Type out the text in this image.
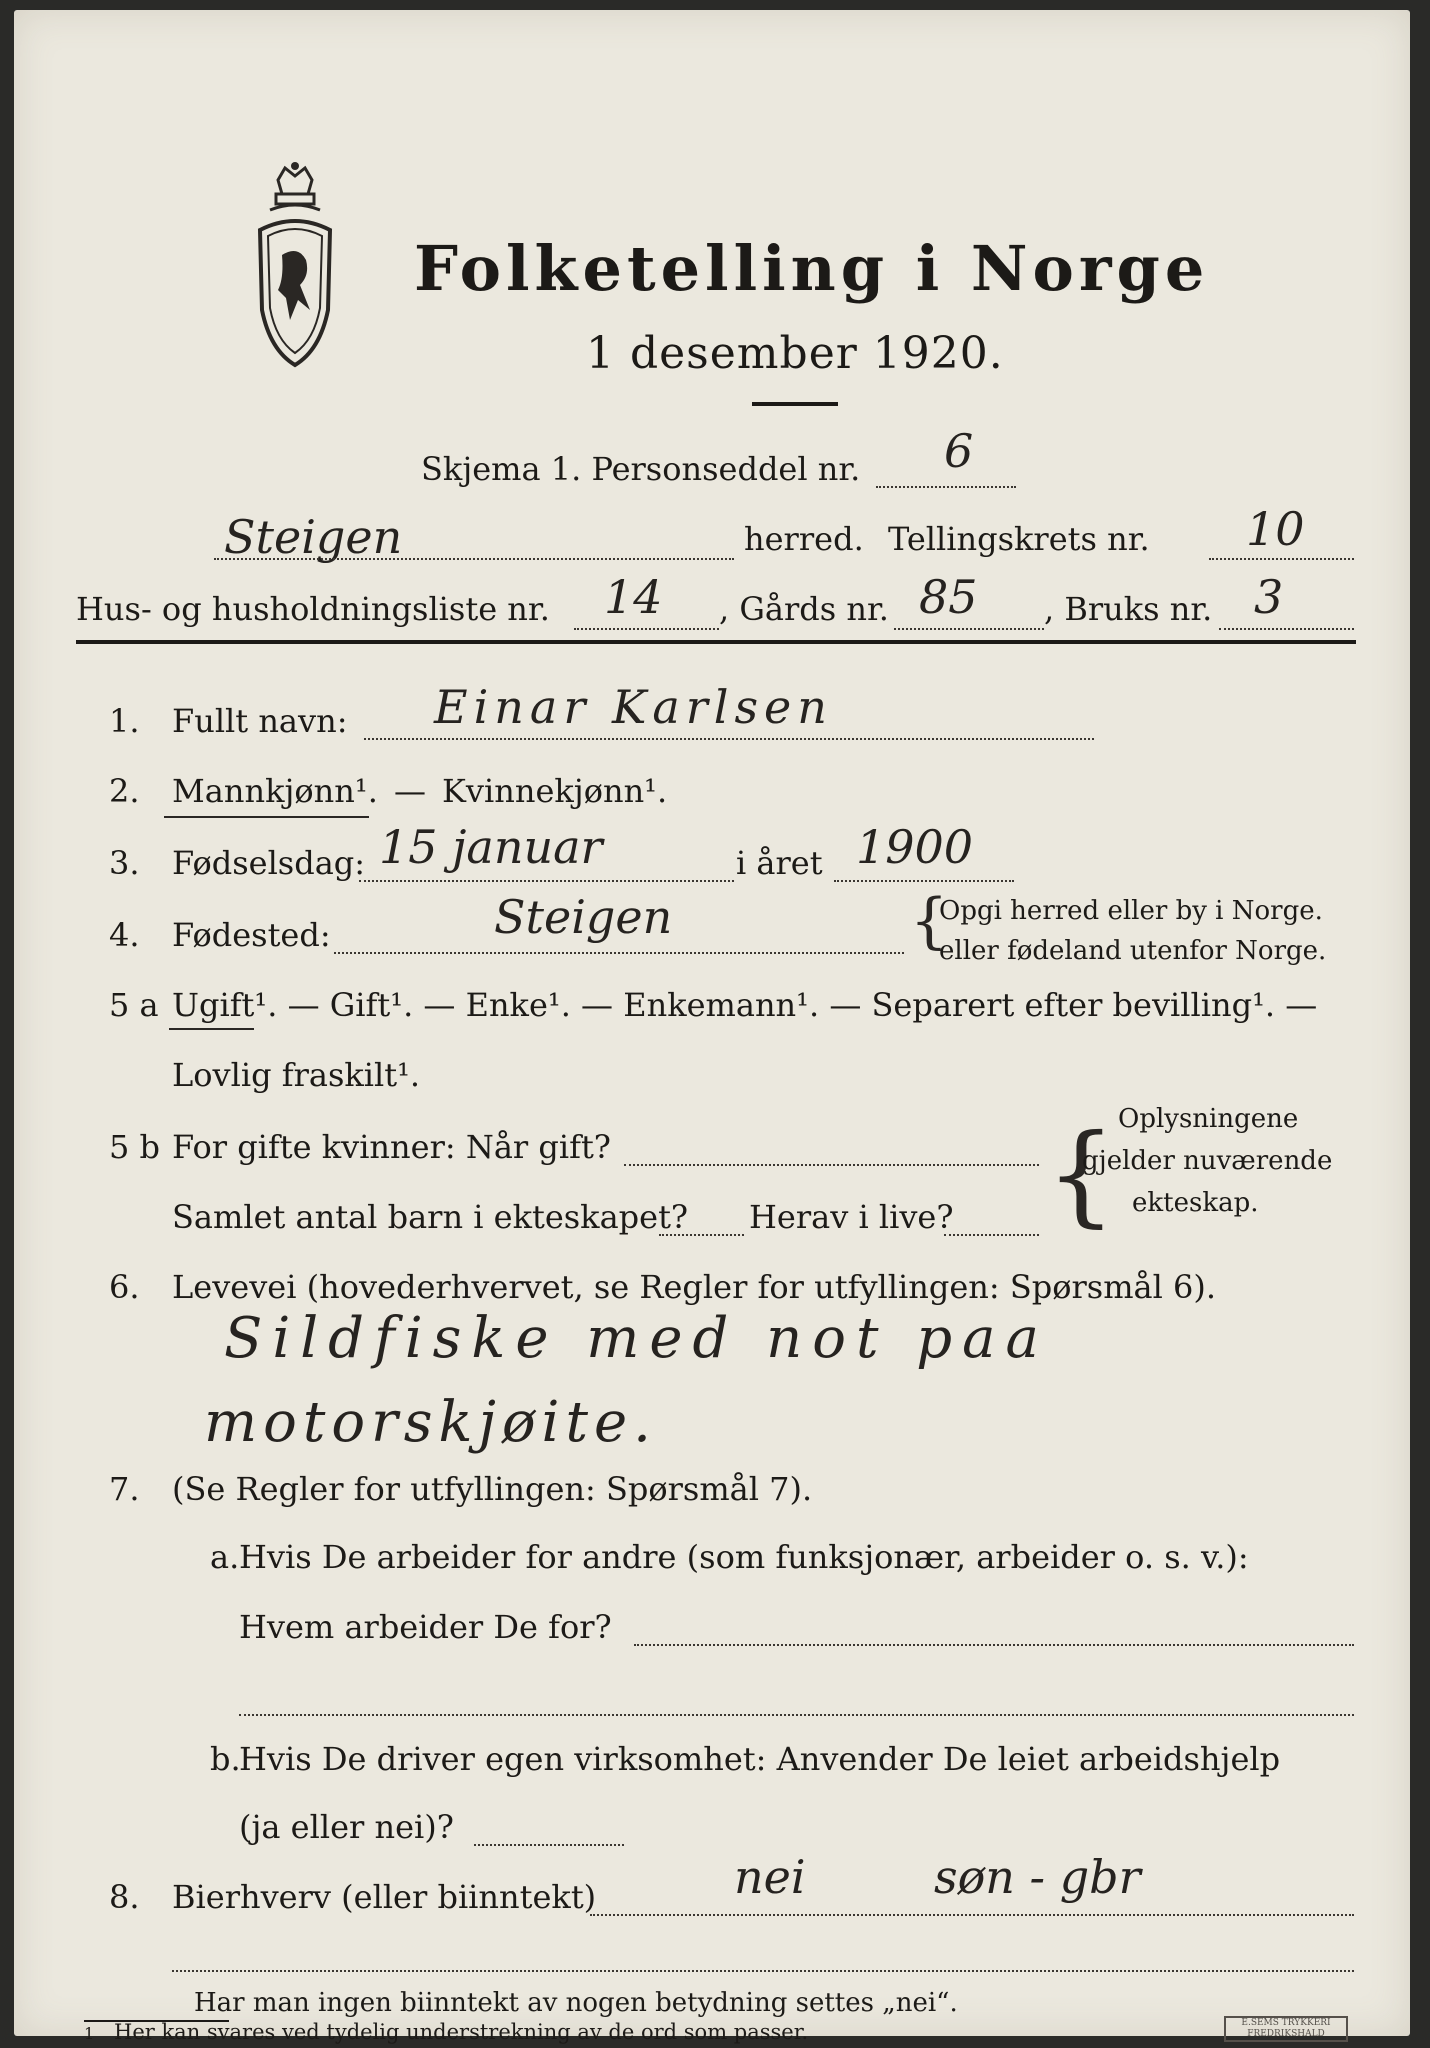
Folketelling i Norge
1 desember 1920.
Skjema 1. Personseddel nr. 6
Steigen	herred. Tellingskrets nr. 10
Hus- og husholdningsliste nr. 14 , Gårds nr. 85 , Bruks nr. 3
1. Fullt navn: Einar Karlsen
2. Mannkjønn¹. — Kvinnekjønn¹.
3. Fødselsdag: 15 januar	i året 1900
4. Fødested:	Steigen	{
Opgi herred eller by i Norge.
eller fødeland utenfor Norge.
5 a Ugift¹. — Gift¹. — Enke¹. — Enkemann¹. — Separert efter bevilling¹. —
Lovlig fraskilt¹.
5 b For gifte kvinner: Når gift?
Samlet antal barn i ekteskapet? Herav i live? { Oplysningene
gjelder nuværende
ekteskap.
6. Levevei (hovederhvervet, se Regler for utfyllingen: Spørsmål 6).
Sildfiske med not paa
motorskjøite.
7. (Se Regler for utfyllingen: Spørsmål 7).
a. Hvis De arbeider for andre (som funksjonær, arbeider o. s. v.):
Hvem arbeider De for?
b.
Hvis De driver egen virksomhet: Anvender De leiet arbeidshjelp
(ja eller nei)?
8. Bierhverv (eller biinntekt)	nei	søn - gbr
Har man ingen biinntekt av nogen betydning settes „nei“.
1 Her kan svares ved tydelig understrekning av de ord som passer.	E.SEMS TRYKKERI FREDRIKSHALD
